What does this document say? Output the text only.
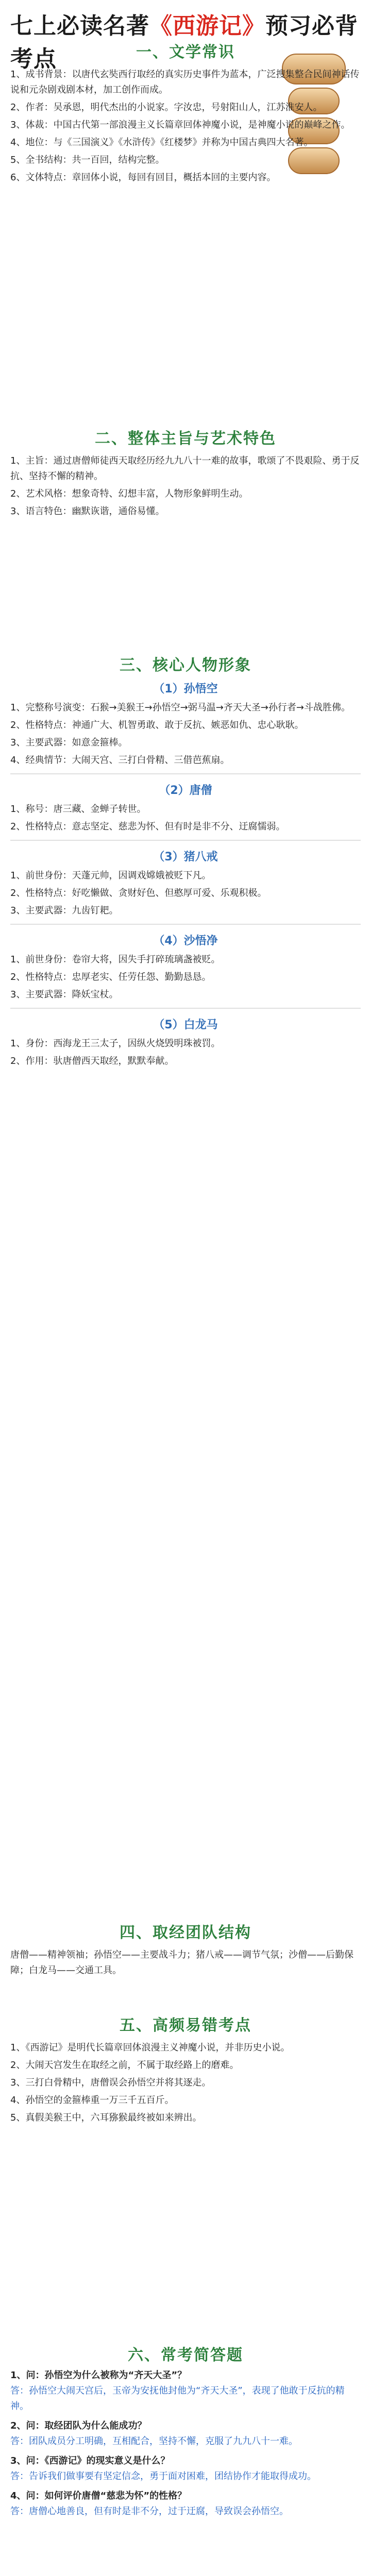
七上必读名著《西游记》预习必背考点	一、文学常识
1、成书背景：以唐代玄奘西行取经的真实历史事件为蓝本，广泛搜集整合民间神话传说和元杂剧戏剧本材，加工创作而成。
2、作者：吴承恩，明代杰出的小说家。字汝忠，号射阳山人，江苏淮安人。
3、体裁：中国古代第一部浪漫主义长篇章回体神魔小说，是神魔小说的巅峰之作。
4、地位：与《三国演义》《水浒传》《红楼梦》并称为中国古典四大名著。
5、全书结构：共一百回，结构完整。
6、文体特点：章回体小说，每回有回目，概括本回的主要内容。
二、整体主旨与艺术特色
1、主旨：通过唐僧师徒西天取经历经九九八十一难的故事，歌颂了不畏艰险、勇于反抗、坚持不懈的精神。
2、艺术风格：想象奇特、幻想丰富，人物形象鲜明生动。
3、语言特色：幽默诙谐，通俗易懂。
三、核心人物形象
（1）孙悟空
1、完整称号演变：石猴→美猴王→孙悟空→弼马温→齐天大圣→孙行者→斗战胜佛。
2、性格特点：神通广大、机智勇敢、敢于反抗、嫉恶如仇、忠心耿耿。
3、主要武器：如意金箍棒。
4、经典情节：大闹天宫、三打白骨精、三借芭蕉扇。
（2）唐僧
1、称号：唐三藏、金蝉子转世。
2、性格特点：意志坚定、慈悲为怀、但有时是非不分、迂腐懦弱。
（3）猪八戒
1、前世身份：天蓬元帅，因调戏嫦娥被贬下凡。
2、性格特点：好吃懒做、贪财好色、但憨厚可爱、乐观积极。
3、主要武器：九齿钉耙。
（4）沙悟净
1、前世身份：卷帘大将，因失手打碎琉璃盏被贬。
2、性格特点：忠厚老实、任劳任怨、勤勤恳恳。
3、主要武器：降妖宝杖。
（5）白龙马
1、身份：西海龙王三太子，因纵火烧毁明珠被罚。
2、作用：驮唐僧西天取经，默默奉献。
四、取经团队结构
唐僧——精神领袖；孙悟空——主要战斗力；猪八戒——调节气氛；沙僧——后勤保障；白龙马——交通工具。
五、高频易错考点
1、《西游记》是明代长篇章回体浪漫主义神魔小说，并非历史小说。
2、大闹天宫发生在取经之前，不属于取经路上的磨难。
3、三打白骨精中，唐僧误会孙悟空并将其逐走。
4、孙悟空的金箍棒重一万三千五百斤。
5、真假美猴王中，六耳猕猴最终被如来辨出。
六、常考简答题
1、问：孙悟空为什么被称为“齐天大圣”？
答：孙悟空大闹天宫后，玉帝为安抚他封他为“齐天大圣”，表现了他敢于反抗的精神。
2、问：取经团队为什么能成功？
答：团队成员分工明确，互相配合，坚持不懈，克服了九九八十一难。
3、问：《西游记》的现实意义是什么？
答：告诉我们做事要有坚定信念，勇于面对困难，团结协作才能取得成功。
4、问：如何评价唐僧“慈悲为怀”的性格？
答：唐僧心地善良，但有时是非不分，过于迂腐，导致误会孙悟空。
